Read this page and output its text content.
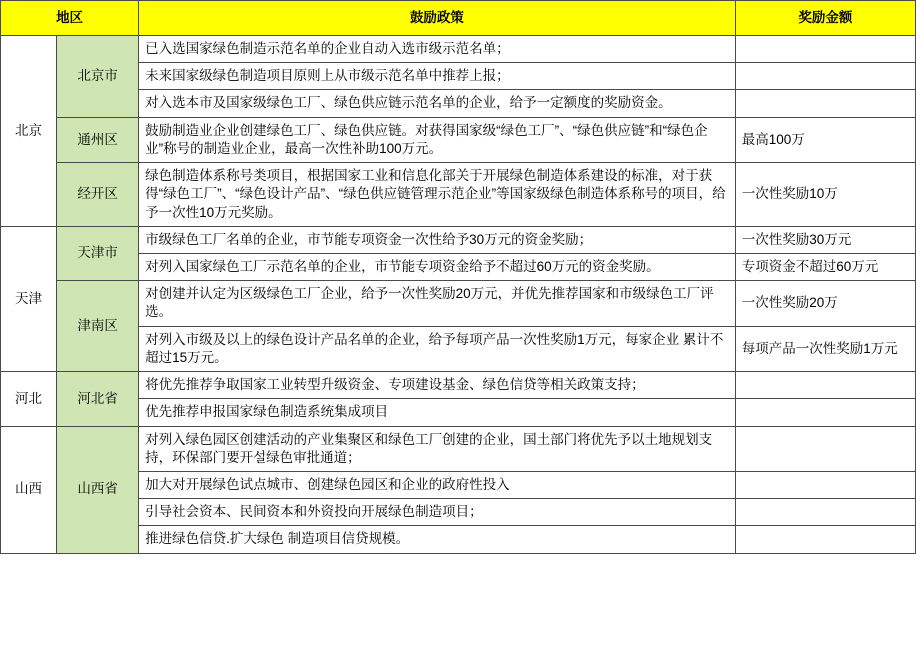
地区		鼓励政策	奖励金额
北京	北京市	已入选国家绿色制造示范名单的企业自动入选市级示范名单；	
		未来国家级绿色制造项目原则上从市级示范名单中推荐上报；	
		对入选本市及国家级绿色工厂、绿色供应链示范名单的企业，给予一定额度的奖励资金。	
	通州区	鼓励制造业企业创建绿色工厂、绿色供应链。对获得国家级“绿色工厂”、“绿色供应链”和“绿色企业”称号的制造业企业，最高一次性补助100万元。	最高100万
	经开区	绿色制造体系称号类项目，根据国家工业和信息化部关于开展绿色制造体系建设的标准，对于获得“绿色工厂”、“绿色设计产品”、“绿色供应链管理示范企业”等国家级绿色制造体系称号的项目，给予一次性10万元奖励。	一次性奖励10万
天津	天津市	市级绿色工厂名单的企业，市节能专项资金一次性给予30万元的资金奖励；	一次性奖励30万元
		对列入国家绿色工厂示范名单的企业，市节能专项资金给予不超过60万元的资金奖励。	专项资金不超过60万元
	津南区	对创建并认定为区级绿色工厂企业，给予一次性奖励20万元，并优先推荐国家和市级绿色工厂评选。	一次性奖励20万
		对列入市级及以上的绿色设计产品名单的企业，给予每项产品一次性奖励1万元，每家企业 累计不超过15万元。	每项产品一次性奖励1万元
河北	河北省	将优先推荐争取国家工业转型升级资金、专项建设基金、绿色信贷等相关政策支持；	
		优先推荐申报国家绿色制造系统集成项目	
山西	山西省	对列入绿色园区创建活动的产业集聚区和绿色工厂创建的企业，国土部门将优先予以土地规划支持，环保部门要开설绿色审批通道；	
		加大对开展绿色试点城市、创建绿色园区和企业的政府性投入	
		引导社会资本、民间资本和外资投向开展绿色制造项目；	
		推进绿色信贷.扩大绿色 制造项目信贷规模。	
